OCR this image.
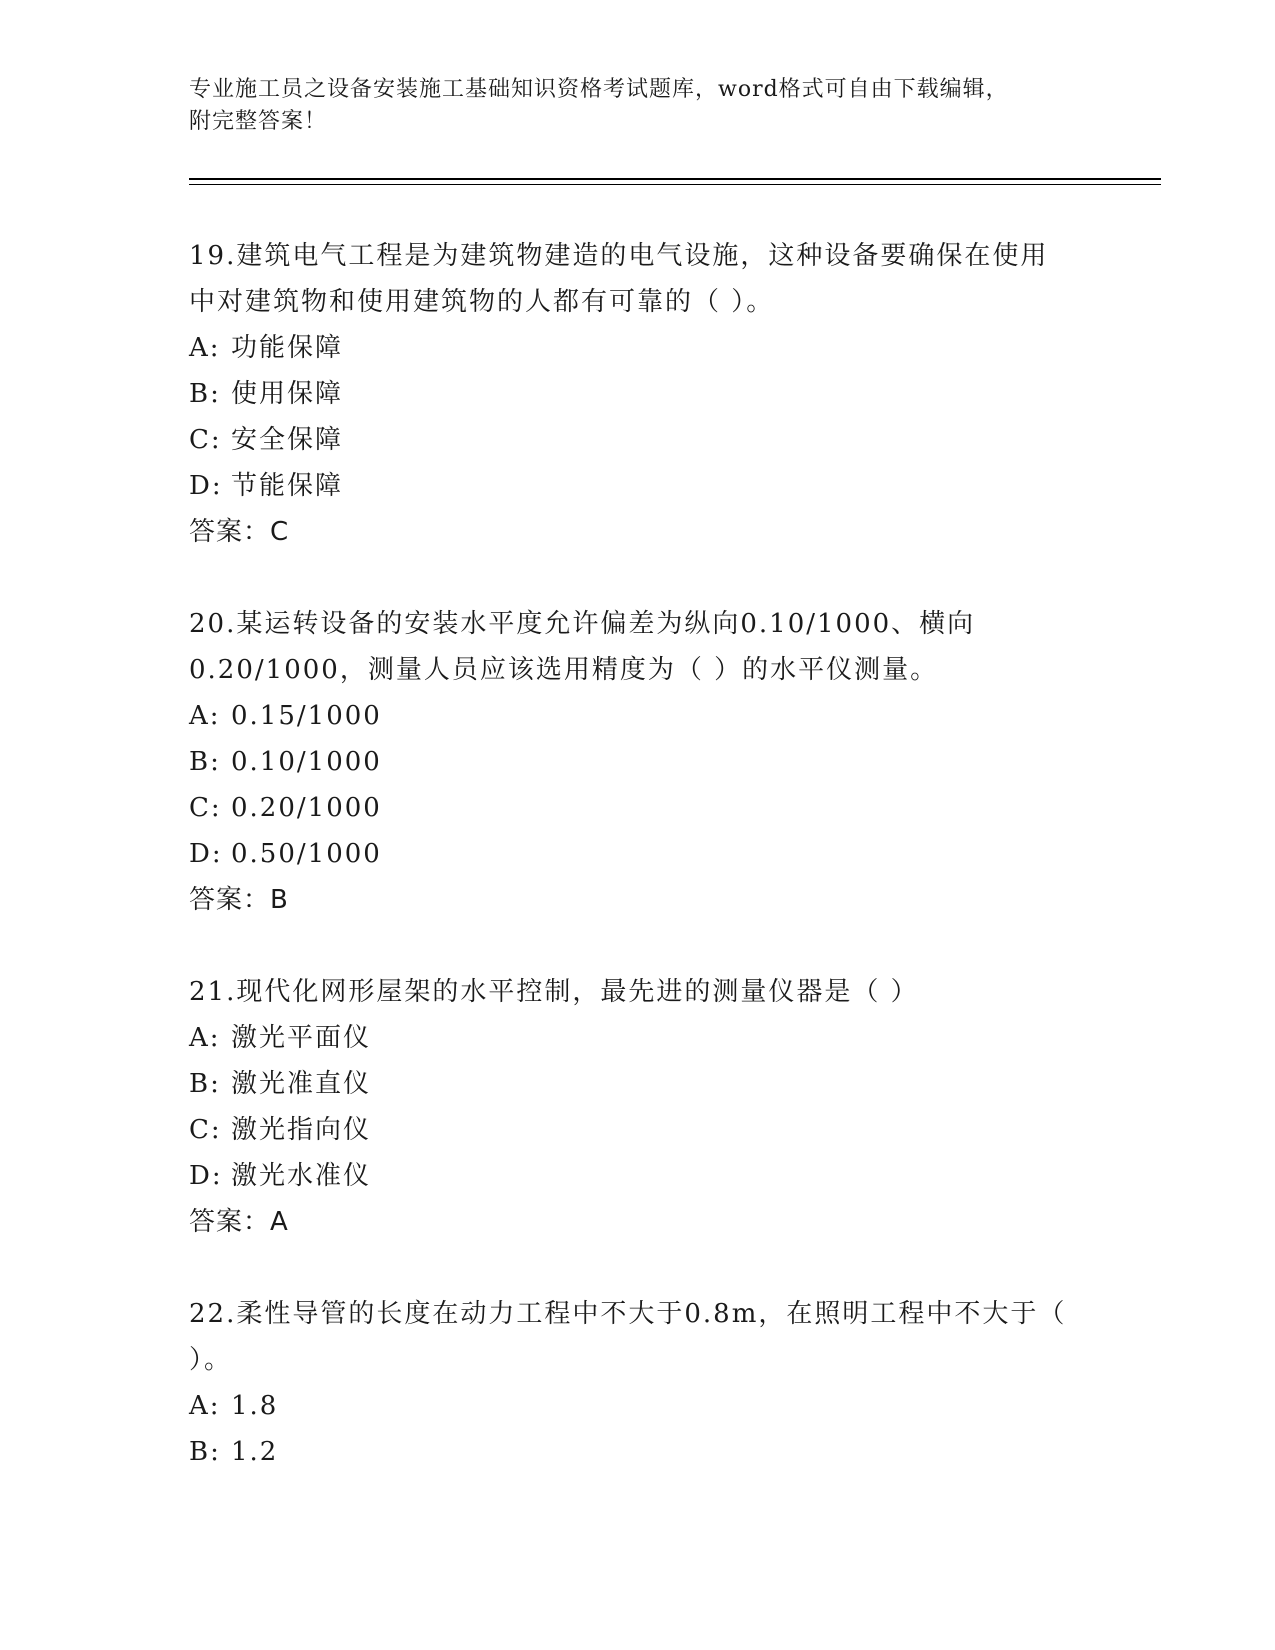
专业施工员之设备安装施工基础知识资格考试题库，word格式可自由下载编辑，
附完整答案！
19.建筑电气工程是为建筑物建造的电气设施，这种设备要确保在使用
中对建筑物和使用建筑物的人都有可靠的（ ）。
A: 功能保障
B: 使用保障
C: 安全保障
D: 节能保障
答案：C
20.某运转设备的安装水平度允许偏差为纵向0.10/1000、横向
0.20/1000，测量人员应该选用精度为（ ）的水平仪测量。
A: 0.15/1000
B: 0.10/1000
C: 0.20/1000
D: 0.50/1000
答案：B
21.现代化网形屋架的水平控制，最先进的测量仪器是（ ）
A: 激光平面仪
B: 激光准直仪
C: 激光指向仪
D: 激光水准仪
答案：A
22.柔性导管的长度在动力工程中不大于0.8m，在照明工程中不大于（
）。
A: 1.8
B: 1.2
